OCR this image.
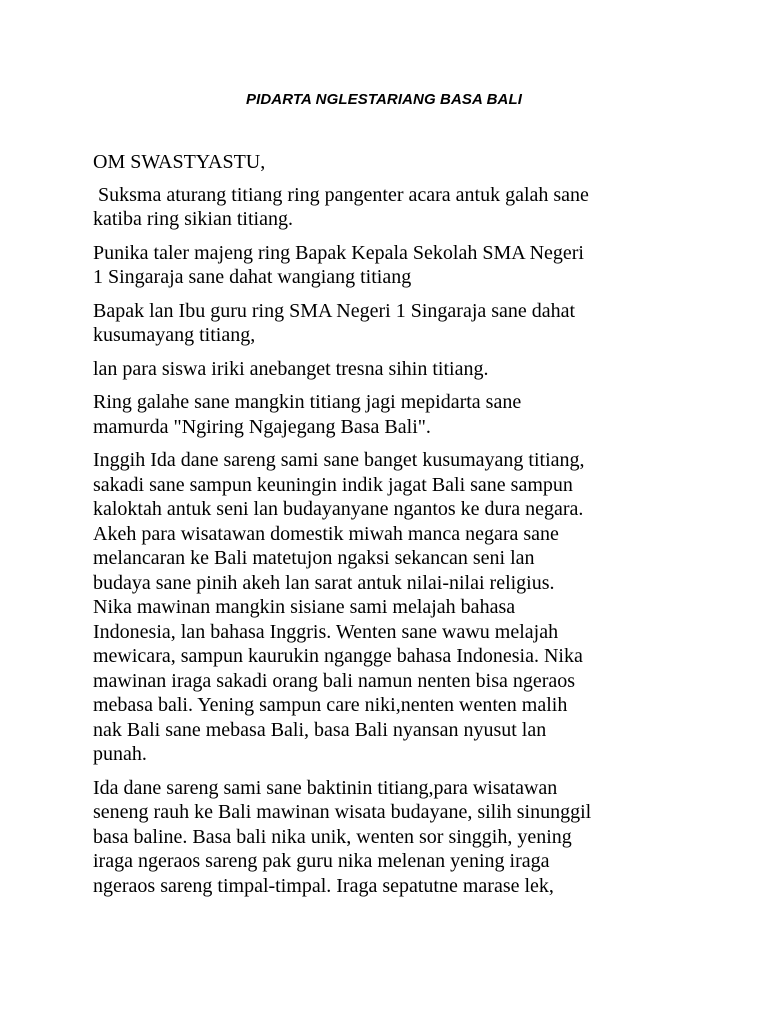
PIDARTA NGLESTARIANG BASA BALI

OM SWASTYASTU,

Suksma aturang titiang ring pangenter acara antuk galah sane
katiba ring sikian titiang.

Punika taler majeng ring Bapak Kepala Sekolah SMA Negeri
1 Singaraja sane dahat wangiang titiang

Bapak lan Ibu guru ring SMA Negeri 1 Singaraja sane dahat
kusumayang titiang,

lan para siswa iriki anebanget tresna sihin titiang.

Ring galahe sane mangkin titiang jagi mepidarta sane
mamurda "Ngiring Ngajegang Basa Bali".

Inggih Ida dane sareng sami sane banget kusumayang titiang,
sakadi sane sampun keuningin indik jagat Bali sane sampun
kaloktah antuk seni lan budayanyane ngantos ke dura negara.
Akeh para wisatawan domestik miwah manca negara sane
melancaran ke Bali matetujon ngaksi sekancan seni lan
budaya sane pinih akeh lan sarat antuk nilai-nilai religius.
Nika mawinan mangkin sisiane sami melajah bahasa
Indonesia, lan bahasa Inggris. Wenten sane wawu melajah
mewicara, sampun kaurukin ngangge bahasa Indonesia. Nika
mawinan iraga sakadi orang bali namun nenten bisa ngeraos
mebasa bali. Yening sampun care niki,nenten wenten malih
nak Bali sane mebasa Bali, basa Bali nyansan nyusut lan
punah.

Ida dane sareng sami sane baktinin titiang,para wisatawan
seneng rauh ke Bali mawinan wisata budayane, silih sinunggil
basa baline. Basa bali nika unik, wenten sor singgih, yening
iraga ngeraos sareng pak guru nika melenan yening iraga
ngeraos sareng timpal-timpal. Iraga sepatutne marase lek,
